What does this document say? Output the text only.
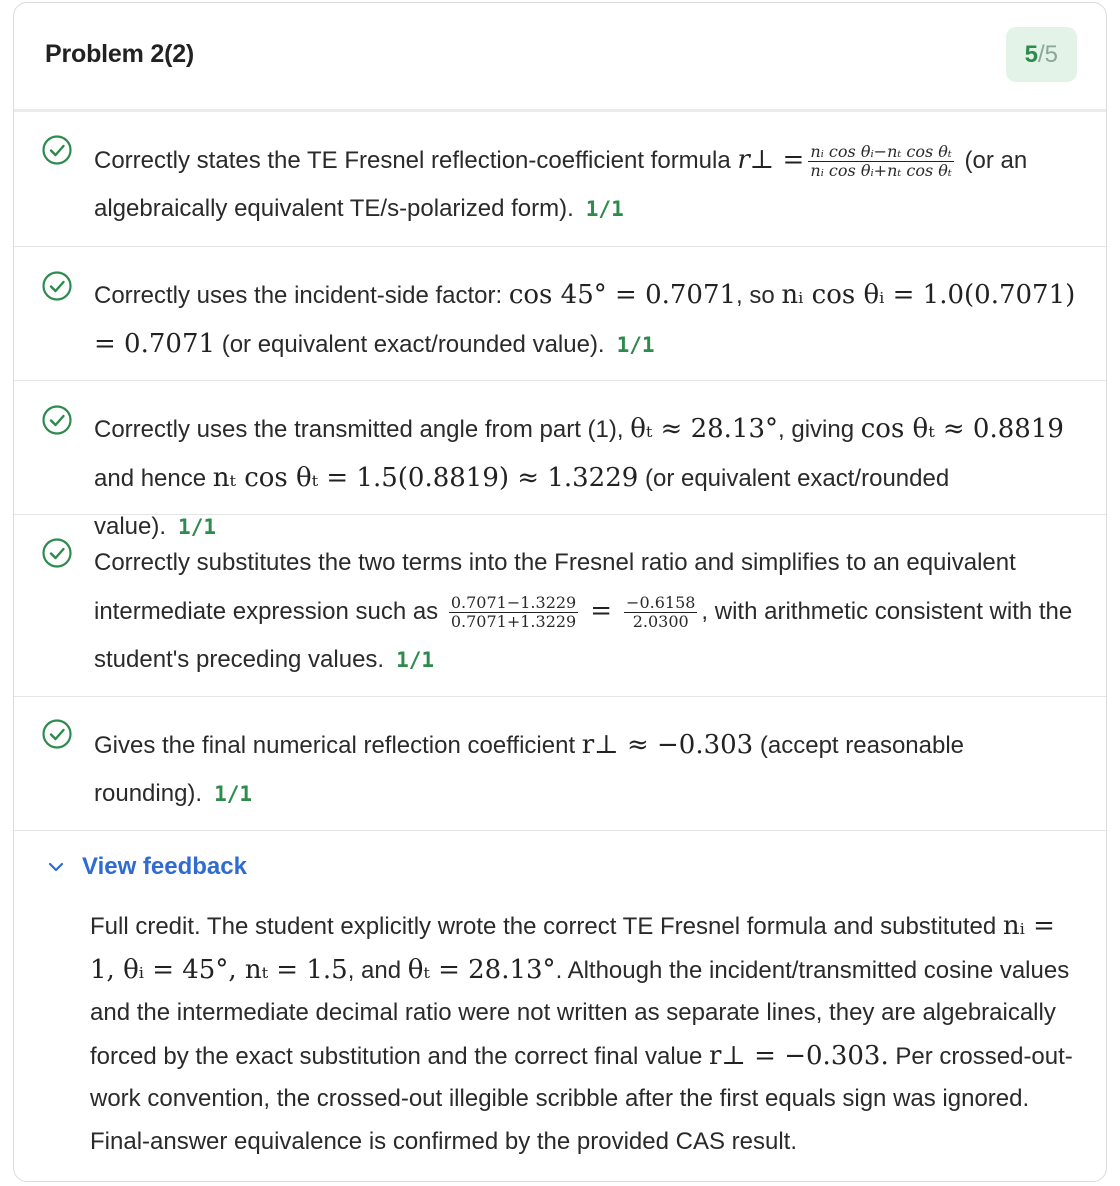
Problem 2(2)	5 / 5
Correctly states the TE Fresnel reflection-coefficient formula r⊥ = $\frac{\text{nᵢ cos θᵢ−nₜ cos θₜ}}{\text{nᵢ cos θᵢ+nₜ cos θₜ}} (or$ an algebraically equivalent TE/s-polarized form). 1/1
Correctly uses the incident-side factor: cos 45° = 0.7071, so nᵢ cos θᵢ = 1.0(0.7071) = 0.7071 (or equivalent exact/rounded value). 1/1
Correctly uses the transmitted angle from part (1), θₜ ≈ 28.13°, giving cos θₜ ≈ 0.8819 and hence nₜ cos θₜ = 1.5(0.8819) ≈ 1.3229 (or equivalent exact/rounded value). 1/1
Correctly substitutes the two terms into the Fresnel ratio and simplifies to an equivalent intermediate expression such as $\frac{0.7071-1.3229}{0.7071+1.3229} = \frac{-0.6158}{2.0300}$ , with arithmetic consistent with the student's preceding values. 1/1
Gives the final numerical reflection coefficient r⊥ ≈ −0.303 (accept reasonable rounding). 1/1
View feedback
Full credit. The student explicitly wrote the correct TE Fresnel formula and substituted nᵢ = 1, θᵢ = 45°, nₜ = 1.5, and θₜ = 28.13°. Although the incident/transmitted cosine values and the intermediate decimal ratio were not written as separate lines, they are algebraically forced by the exact substitution and the correct final value r⊥ = −0.303. Per crossed-out-work convention, the crossed-out illegible scribble after the first equals sign was ignored. Final-answer equivalence is confirmed by the provided CAS result.
